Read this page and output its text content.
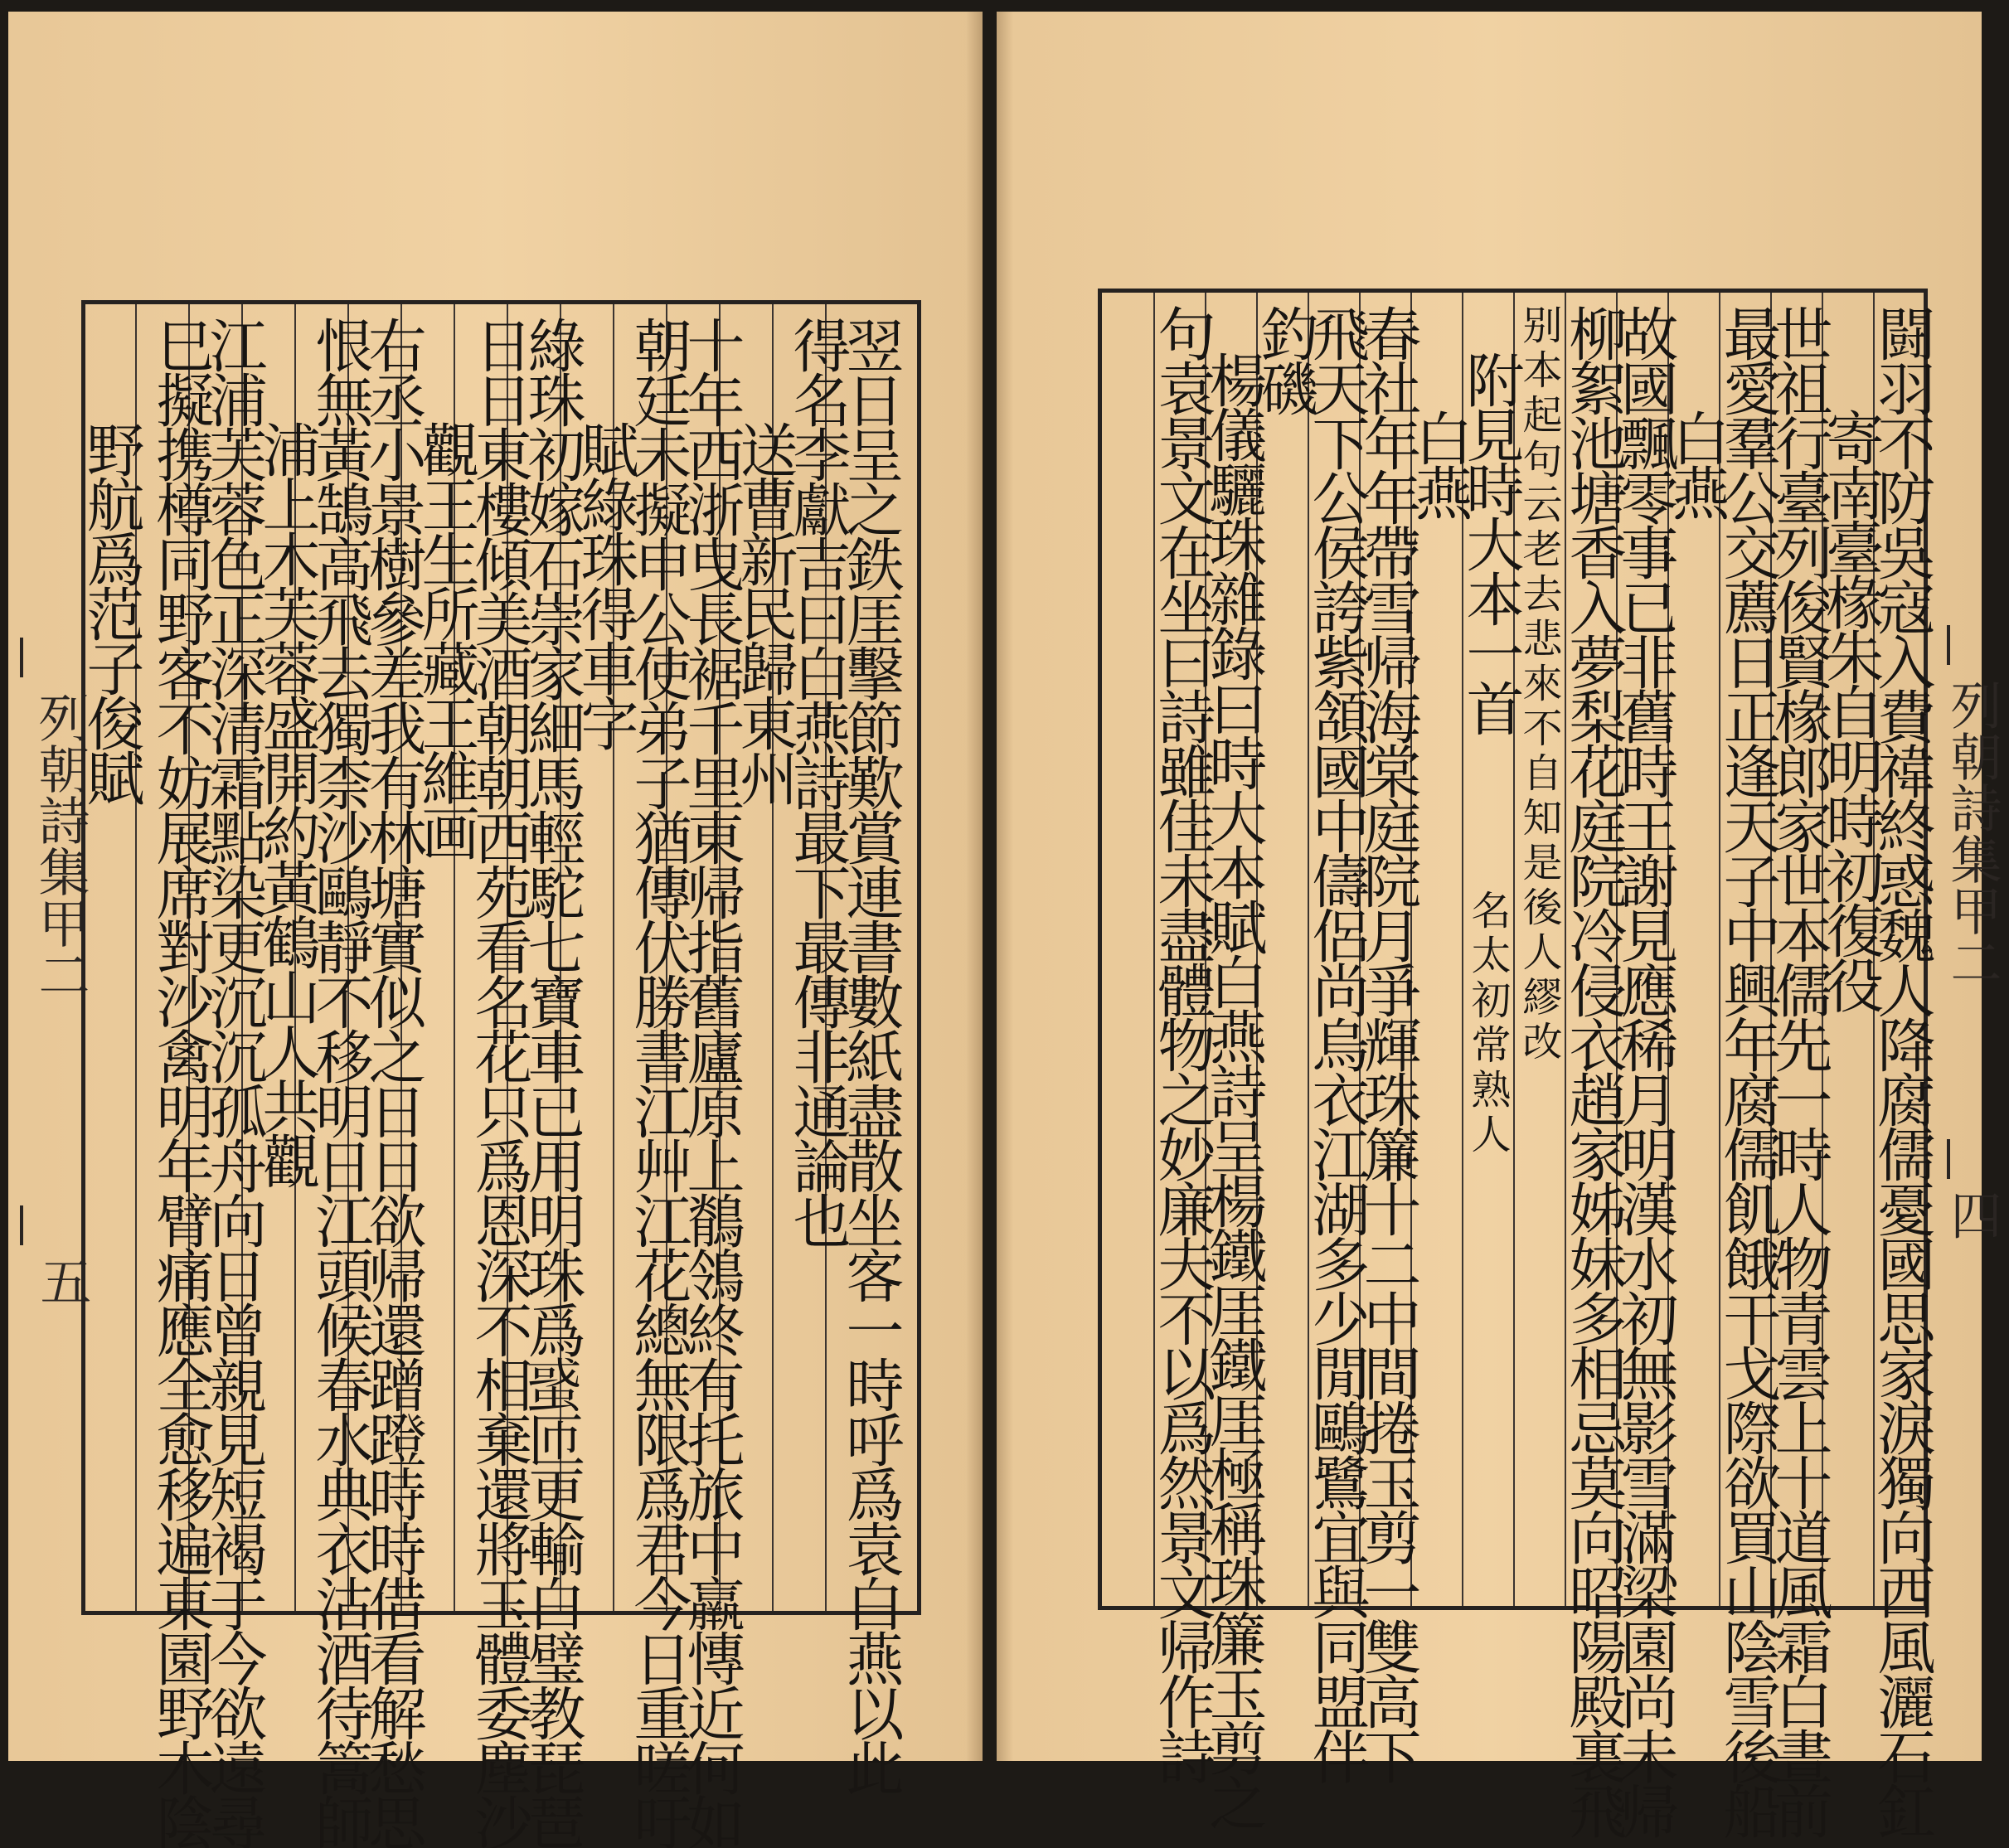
列朝詩集甲二
五	翌日呈之鉄厓擊節歎賞連書數紙盡散坐客一時呼爲袁白燕以此
得名李獻吉曰白燕詩最下最傳非通論也
送曹新民歸東州
十年西浙曳長裾千里東帰指舊廬原上鶺鴒終有托旅中羸慱近何如
朝廷未擬申公使弟子猶傳伏勝書江艸江花總無限爲君今日重嗟吁
賦綠珠得車字
綠珠初嫁石崇家細馬輕駝七寶車已用明珠爲𧌒匝更輸白璧教琵琶
日日東樓傾美酒朝朝西苑看名花只爲恩深不相棄還將玉體委塵沙
觀王生所藏王維画
右丞小景樹參差我有林塘實似之日日欲帰還蹭蹬時時借看解愁思
恨無黃鵠高飛去獨柰沙鷗靜不移明日江頭候春水典衣沽酒待篙師
浦上木芙蓉盛開約黃鶴山人共觀
江浦芙蓉色正深清霜點染更沉沉孤舟向日曾親見短褐于今欲遠尋
巳擬携樽同野客不妨展席對沙禽明年臂痛應全愈移遍東園野木陰
野航爲范子俊賦	闘羽不防吳寇入費禕終惑魏人降腐儒憂國思家淚獨向西風灑石釭
寄南臺椽朱自明時初復役
世祖行臺列俊賢椽郎家世本儒先一時人物青雲上十道風霜白晝前
最愛羣公交薦日正逢天子中興年腐儒飢餓干戈際欲買山陰雪後船
白燕
故國飄零事已非舊時王謝見應稀月明漢水初無影雪滿梁園尚未帰
柳絮池塘香入夢梨花庭院冷侵衣趙家姊妹多相忌莫向昭陽殿裏飛
别本起句云老去悲來不自知是後人繆改
附見時大本一首
名太初常熟人
白燕
春社年年帶雪帰海棠庭院月爭輝珠簾十二中間捲玉剪一雙高下
飛天下公侯誇紫頷國中儔侶尚烏衣江湖多少閒鷗鷺宜與同盟伴
釣磯
楊儀驪珠雜錄曰時大本賦白燕詩呈楊鐵厓鐵厓極稱珠簾玉剪之
句袁景文在坐曰詩雖佳未盡體物之妙廉夫不以爲然景文帰作詩	列朝詩集甲二
四
